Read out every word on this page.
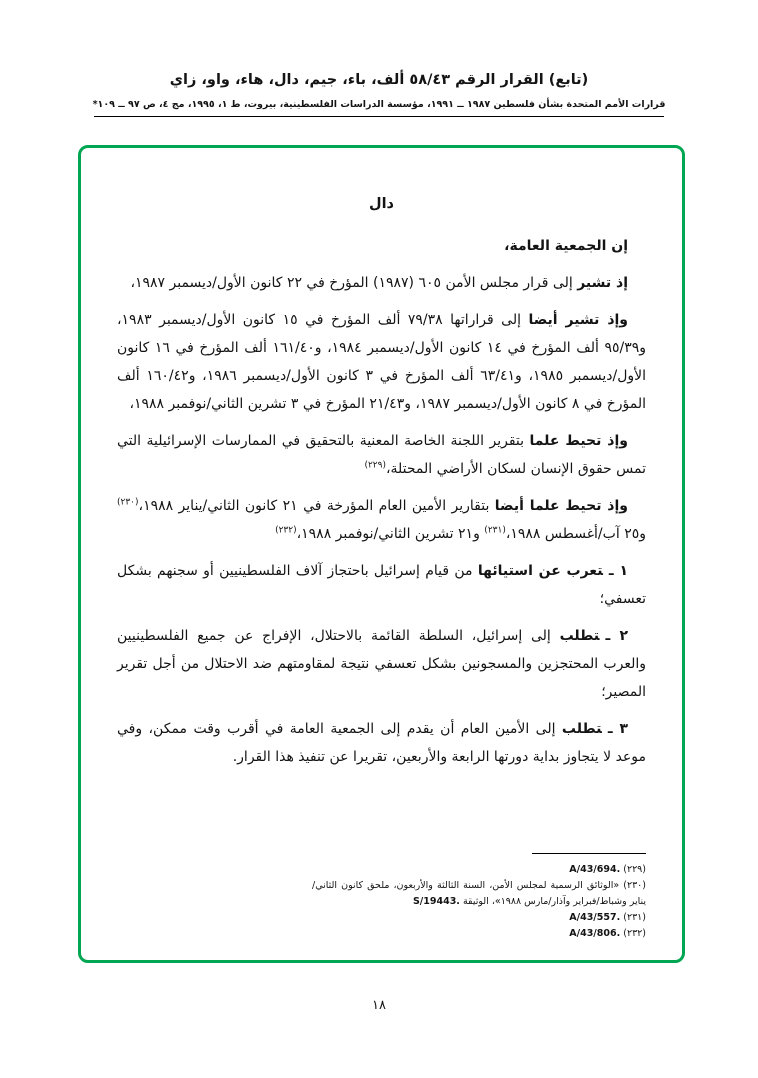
(تابع) القرار الرقم ٥٨/٤٣ ألف، باء، جيم، دال، هاء، واو، زاي
قرارات الأمم المتحدة بشأن فلسطين ١٩٨٧ ــ ١٩٩١، مؤسسة الدراسات الفلسطينية، بيروت، ط ١، ١٩٩٥، مج ٤، ص ٩٧ ــ ١٠٩*
دال

إن الجمعية العامة،

إذ تشير إلى قرار مجلس الأمن ٦٠٥ (١٩٨٧) المؤرخ في ٢٢ كانون الأول/ديسمبر ١٩٨٧،

وإذ تشير أيضا إلى قراراتها ٧٩/٣٨ ألف المؤرخ في ١٥ كانون الأول/ديسمبر ١٩٨٣، و٩٥/٣٩ ألف المؤرخ في ١٤ كانون الأول/ديسمبر ١٩٨٤، و١٦١/٤٠ ألف المؤرخ في ١٦ كانون الأول/ديسمبر ١٩٨٥، و٦٣/٤١ ألف المؤرخ في ٣ كانون الأول/ديسمبر ١٩٨٦، و١٦٠/٤٢ ألف المؤرخ في ٨ كانون الأول/ديسمبر ١٩٨٧، و٢١/٤٣ المؤرخ في ٣ تشرين الثاني/نوفمبر ١٩٨٨،

وإذ تحيط علما بتقرير اللجنة الخاصة المعنية بالتحقيق في الممارسات الإسرائيلية التي تمس حقوق الإنسان لسكان الأراضي المحتلة،$^{(٢٢٩)}$

وإذ تحيط علما أيضا بتقارير الأمين العام المؤرخة في ٢١ كانون الثاني/يناير ١٩٨٨،$^{(٢٣٠)}$ و٢٥ آب/أغسطس ١٩٨٨،$^{(٢٣١)}$ و٢١ تشرين الثاني/نوفمبر ١٩٨٨،$^{(٢٣٢)}$

١ ـتعرب عن استيائها من قيام إسرائيل باحتجاز آلاف الفلسطينيين أو سجنهم بشكل تعسفي؛

٢ ـتطلب إلى إسرائيل، السلطة القائمة بالاحتلال، الإفراج عن جميع الفلسطينيين والعرب المحتجزين والمسجونين بشكل تعسفي نتيجة لمقاومتهم ضد الاحتلال من أجل تقرير المصير؛

٣ ـتطلب إلى الأمين العام أن يقدم إلى الجمعية العامة في أقرب وقت ممكن، وفي موعد لا يتجاوز بداية دورتها الرابعة والأربعين، تقريرا عن تنفيذ هذا القرار.

(٢٢٩) A/43/694.
(٢٣٠) «الوثائق الرسمية لمجلس الأمن، السنة الثالثة والأربعون، ملحق كانون الثاني/يناير وشباط/فبراير وآذار/مارس ١٩٨٨»، الوثيقة S/19443.
(٢٣١) A/43/557.
(٢٣٢) A/43/806.
١٨
